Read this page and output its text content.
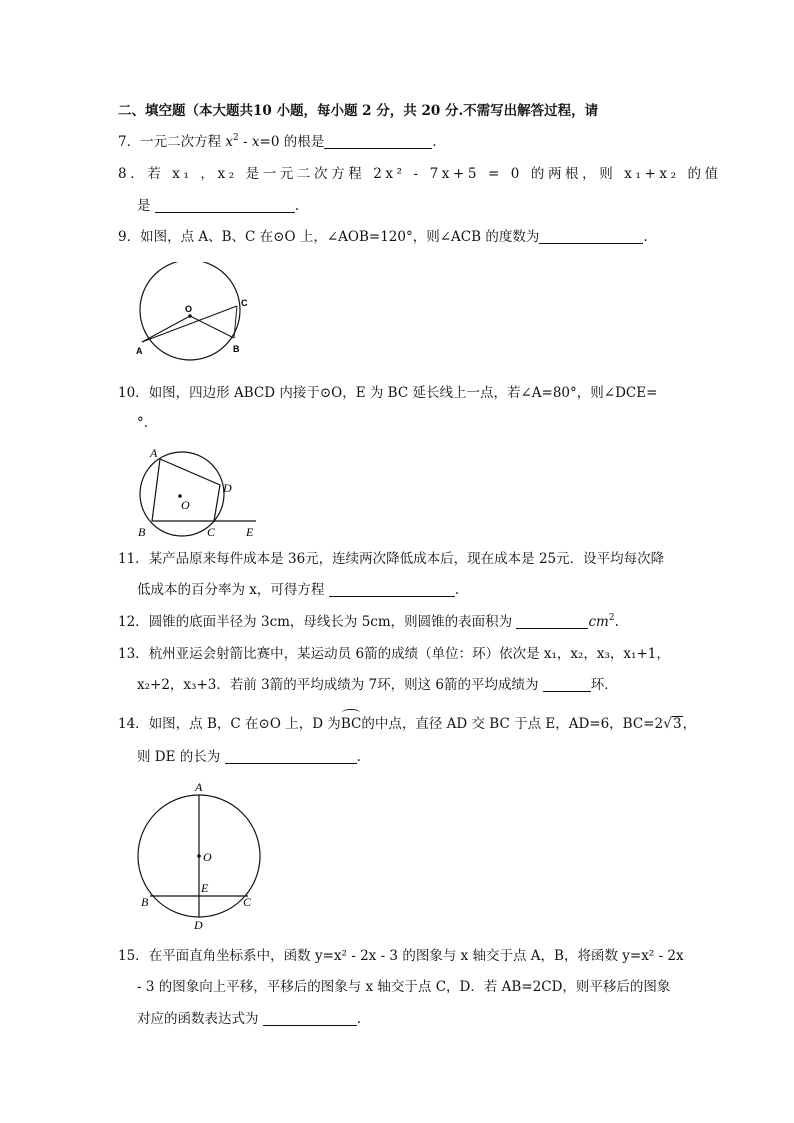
二、填空题（本大题共10 小题，每小题 2 分，共 20 分.不需写出解答过程，请
7．一元二次方程 $x^2 - x=0$ 的根是	.
8．若 x₁ ，x₂ 是一元二次方程 2x² - 7x+5 = 0 的两根，则 x₁+x₂ 的值
是	.
9．如图，点 A、B、C 在⊙O 上，∠AOB=120°，则∠ACB 的度数为	.
O
A	B
C
10．如图，四边形 ABCD 内接于⊙O，E 为 BC 延长线上一点，若∠A=80°，则∠DCE=
°．
A
D
O
B	C	E
11．某产品原来每件成本是 36元，连续两次降低成本后，现在成本是 25元．设平均每次降
低成本的百分率为 x，可得方程	.
12．圆锥的底面半径为 3cm，母线长为 5cm，则圆锥的表面积为	$cm^2$.
13．杭州亚运会射箭比赛中，某运动员 6箭的成绩（单位：环）依次是 x₁，x₂，x₃，x₁+1，
x₂+2，x₃+3．若前 3箭的平均成绩为 7环，则这 6箭的平均成绩为	环．
14．如图，点 B，C 在⊙O 上，D 为BC的中点，直径 AD 交 BC 于点 E，AD=6，BC=2√3，
则 DE 的长为	.
A
O
E
B	C
D
15．在平面直角坐标系中，函数 y=x² - 2x - 3 的图象与 x 轴交于点 A，B，将函数 y=x² - 2x
- 3 的图象向上平移，平移后的图象与 x 轴交于点 C，D．若 AB=2CD，则平移后的图象
对应的函数表达式为	.
